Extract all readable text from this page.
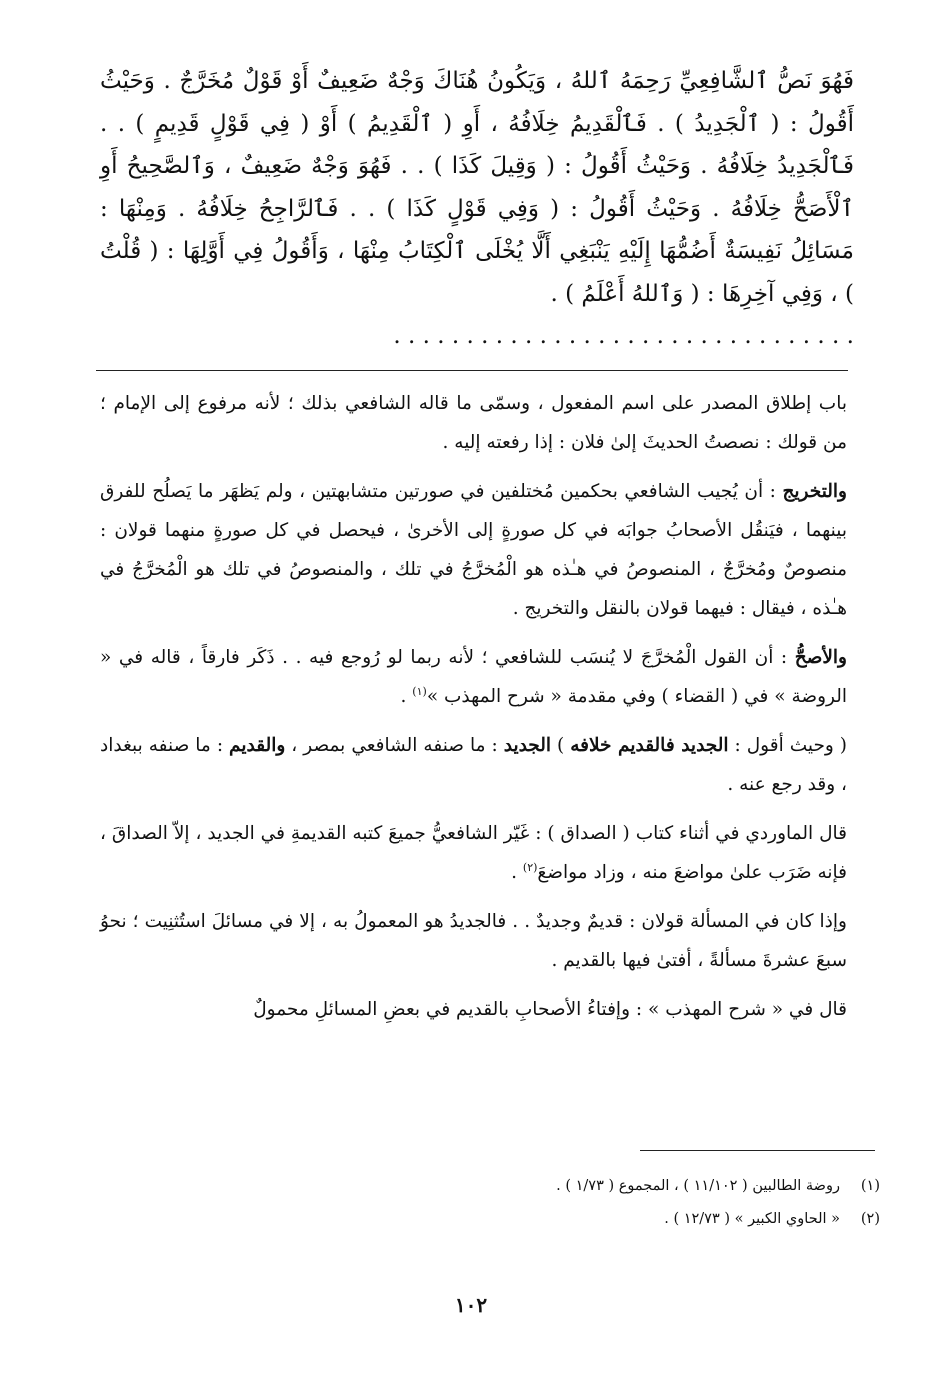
فَهُوَ نَصُّ ٱلشَّافِعِيِّ رَحِمَهُ ٱللهُ ، وَيَكُونُ هُنَاكَ وَجْهٌ ضَعِيفٌ أَوْ قَوْلٌ مُخَرَّجٌ . وَحَيْثُ أَقُولُ : ( ٱلْجَدِيدُ ) . فَٱلْقَدِيمُ خِلَافُهُ ، أَوِ ( ٱلْقَدِيمُ ) أَوْ ( فِي قَوْلٍ قَدِيمٍ ) . . فَٱلْجَدِيدُ خِلَافُهُ . وَحَيْثُ أَقُولُ : ( وَقِيلَ كَذَا ) . . فَهُوَ وَجْهٌ ضَعِيفٌ ، وَٱلصَّحِيحُ أَوِ ٱلْأَصَحُّ خِلَافُهُ . وَحَيْثُ أَقُولُ : ( وَفِي قَوْلٍ كَذَا ) . . فَٱلرَّاجِحُ خِلَافُهُ . وَمِنْهَا : مَسَائِلُ نَفِيسَةٌ أَضُمُّهَا إِلَيْهِ يَنْبَغِي أَلَّا يُخْلَى ٱلْكِتَابُ مِنْهَا ، وَأَقُولُ فِي أَوَّلِهَا : ( قُلْتُ ) ، وَفِي آخِرِهَا : ( وَٱللهُ أَعْلَمُ ) .
. . . . . . . . . . . . . . . . . . . . . . . . . . . . . . . .

باب إطلاق المصدر على اسم المفعول ، وسمّى ما قاله الشافعي بذلك ؛ لأنه مرفوع إلى الإمام ؛ من قولك : نصصتُ الحديثَ إلىٰ فلان : إذا رفعته إليه .

والتخريج : أن يُجيب الشافعي بحكمين مُختلفين في صورتين متشابهتين ، ولم يَظهَر ما يَصلُح للفرق بينهما ، فيَنقُل الأصحابُ جوابَه في كل صورةٍ إلى الأخرىٰ ، فيحصل في كل صورةٍ منهما قولان : منصوصٌ ومُخرَّجٌ ، المنصوصُ في هـٰذه هو الْمُخرَّجُ في تلك ، والمنصوصُ في تلك هو الْمُخرَّجُ في هـٰذه ، فيقال : فيهما قولان بالنقل والتخريج .

والأصحُّ : أن القول الْمُخرَّجَ لا يُنسَب للشافعي ؛ لأنه ربما لو رُوجع فيه . . ذَكَر فارقاً ، قاله في « الروضة » في ( القضاء ) وفي مقدمة « شرح المهذب »$^{(١)}$ .

( وحيث أقول : الجديد فالقديم خلافه ) الجديد : ما صنفه الشافعي بمصر ، والقديم : ما صنفه ببغداد ، وقد رجع عنه .

قال الماوردي في أثناء كتاب ( الصداق ) : غَيّر الشافعيُّ جميعَ كتبه القديمةِ في الجديد ، إلاّ الصداقَ ، فإنه ضَرَب علىٰ مواضعَ منه ، وزاد مواضعَ$^{(٢)}$ .

وإذا كان في المسألة قولان : قديمٌ وجديدٌ . . فالجديدُ هو المعمولُ به ، إلا في مسائلَ استُثنِيت ؛ نحوُ سبعَ عشرةَ مسألةً ، أفتىٰ فيها بالقديم .

قال في « شرح المهذب » : وإفتاءُ الأصحابِ بالقديم في بعضِ المسائلِ محمولٌ

(١)روضة الطالبين ( ١١/١٠٢ ) ، المجموع ( ١/٧٣ ) .

(٢)« الحاوي الكبير » ( ١٢/٧٣ ) .

١٠٢
